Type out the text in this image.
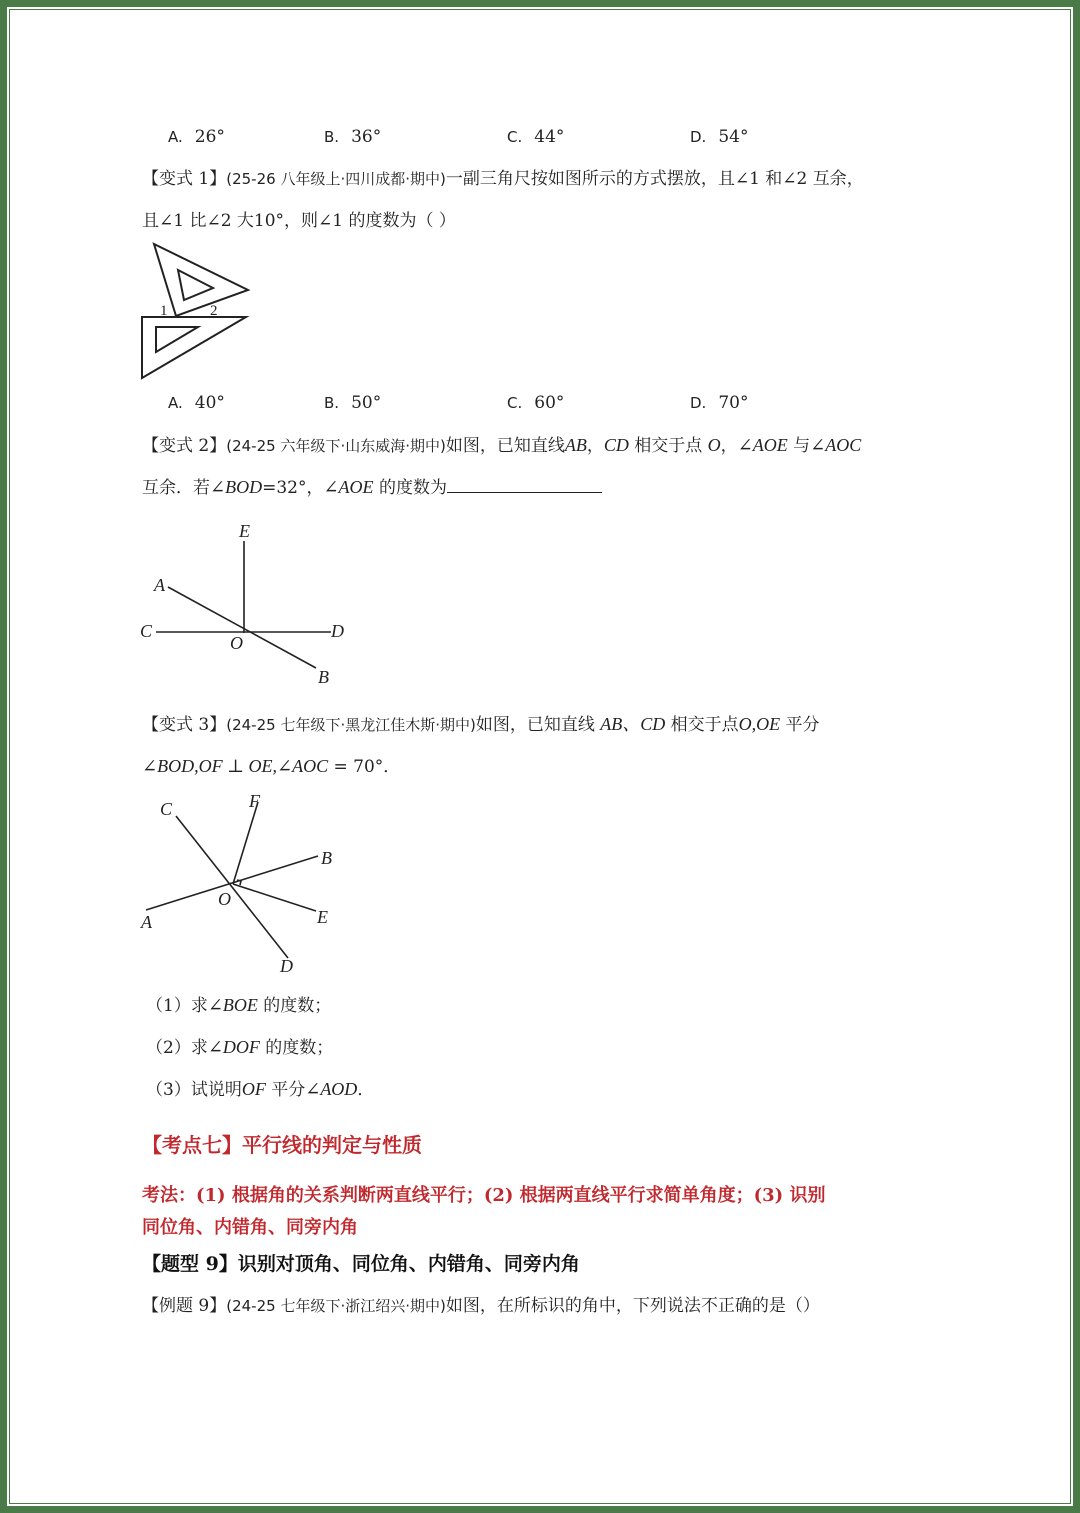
A. 26°	B. 36°	C. 44°	D. 54°
【变式 1】(25-26 八年级上·四川成都·期中)一副三角尺按如图所示的方式摆放，且∠1 和∠2 互余，
且∠1 比∠2 大10°，则∠1 的度数为（ ）
1	2
A. 40°	B. 50°	C. 60°	D. 70°
【变式 2】(24-25 六年级下·山东威海·期中)如图，已知直线AB，CD 相交于点 O，∠AOE 与∠AOC
互余．若∠BOD=32°，∠AOE 的度数为
E
A
C
O
D
B
【变式 3】(24-25 七年级下·黑龙江佳木斯·期中)如图，已知直线 AB、CD 相交于点O,OE 平分
∠BOD,OF ⊥ OE,∠AOC = 70°．
C	F
B
O
A	E
D
（1）求∠BOE 的度数；
（2）求∠DOF 的度数；
（3）试说明OF 平分∠AOD．
【考点七】平行线的判定与性质
考法：(1) 根据角的关系判断两直线平行；(2) 根据两直线平行求简单角度；(3) 识别
同位角、内错角、同旁内角
【题型 9】识别对顶角、同位角、内错角、同旁内角
【例题 9】(24-25 七年级下·浙江绍兴·期中)如图，在所标识的角中，下列说法不正确的是（）
